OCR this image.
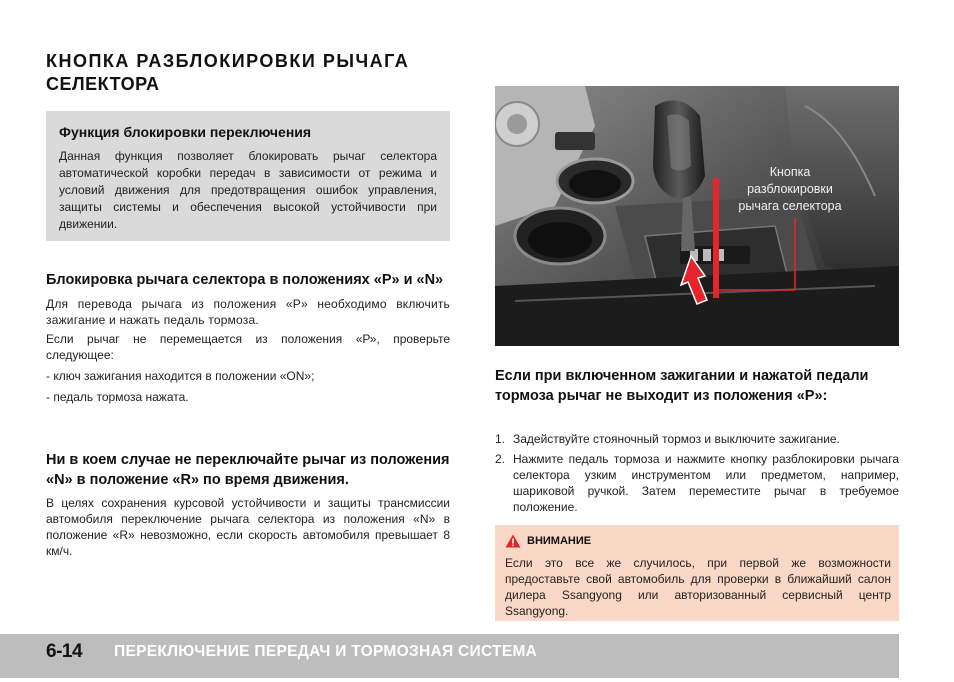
КНОПКА РАЗБЛОКИРОВКИ РЫЧАГА
СЕЛЕКТОРА
Функция блокировки переключения
Данная функция позволяет блокировать рычаг селектора автоматической коробки передач в зависимости от режима и условий движения для предотвращения ошибок управления, защиты системы и обеспечения высокой устойчивости при движении.
Блокировка рычага селектора в положениях «P» и «N»
Для перевода рычага из положения «P» необходимо включить зажигание и нажать педаль тормоза.
Если рычаг не перемещается из положения «Р», проверьте следующее:
- ключ зажигания находится в положении «ON»;
- педаль тормоза нажата.
Ни в коем случае не переключайте рычаг из положения «N» в положение «R» по время движения.
В целях сохранения курсовой устойчивости и защиты трансмиссии автомобиля переключение рычага селектора из положения «N» в положение «R» невозможно, если скорость автомобиля превышает 8 км/ч.
Кнопка
разблокировки
рычага селектора
Если при включенном зажигании и нажатой педали тормоза рычаг не выходит из положения «P»:
1. Задействуйте стояночный тормоз и выключите зажигание.
2. Нажмите педаль тормоза и нажмите кнопку разблокировки рычага селектора узким инструментом или предметом, например, шариковой ручкой. Затем переместите рычаг в требуемое положение.
ВНИМАНИЕ
Если это все же случилось, при первой же возможности предоставьте свой автомобиль для проверки в ближайший салон дилера Ssangyong или авторизованный сервисный центр Ssangyong.
6-14 ПЕРЕКЛЮЧЕНИЕ ПЕРЕДАЧ И ТОРМОЗНАЯ СИСТЕМА
